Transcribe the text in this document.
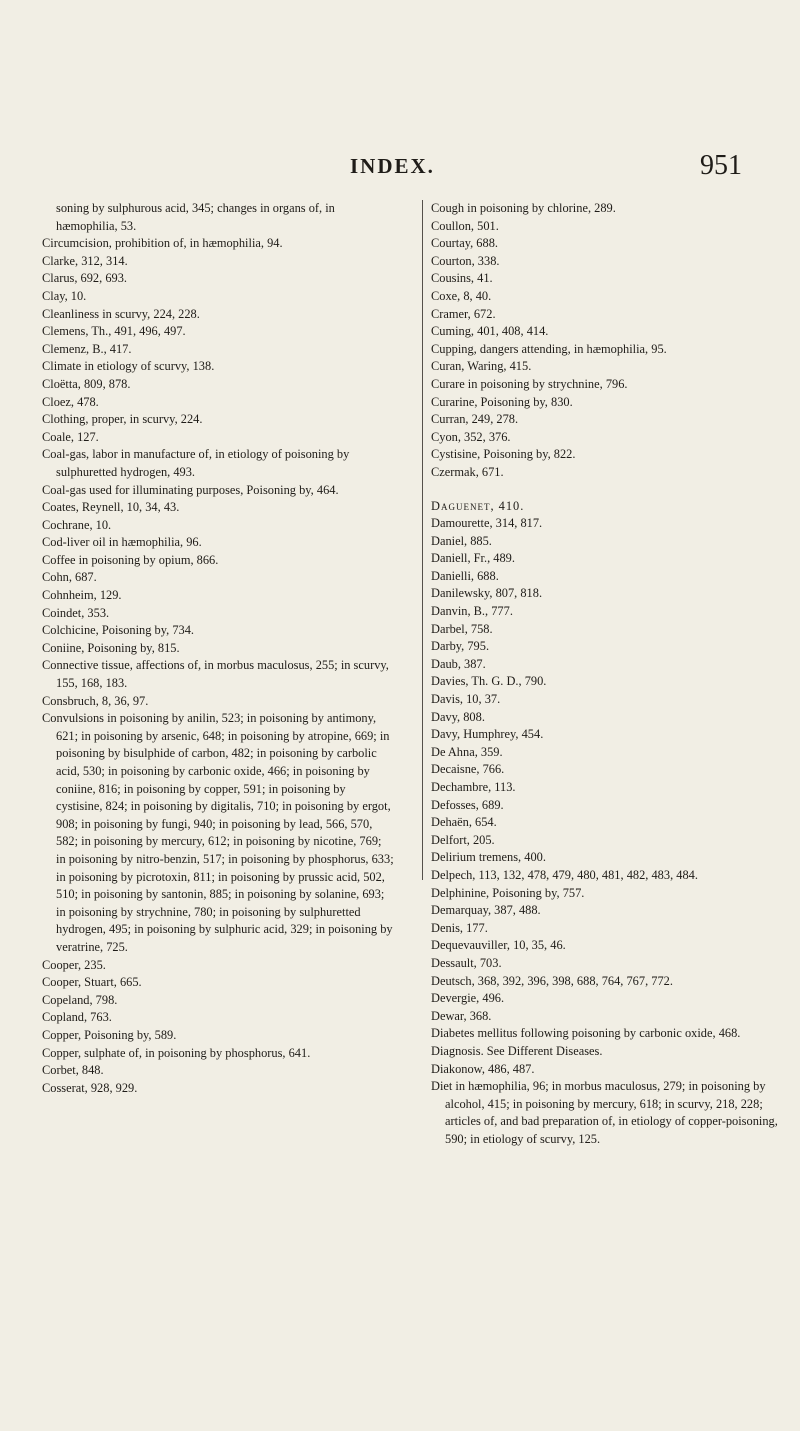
INDEX.	951

soning by sulphurous acid, 345; changes in organs of, in hæmophilia, 53.

Circumcision, prohibition of, in hæmophilia, 94.

Clarke, 312, 314.

Clarus, 692, 693.

Clay, 10.

Cleanliness in scurvy, 224, 228.

Clemens, Th., 491, 496, 497.

Clemenz, B., 417.

Climate in etiology of scurvy, 138.

Cloëtta, 809, 878.

Cloez, 478.

Clothing, proper, in scurvy, 224.

Coale, 127.

Coal-gas, labor in manufacture of, in etiology of poisoning by sulphuretted hydrogen, 493.

Coal-gas used for illuminating purposes, Poisoning by, 464.

Coates, Reynell, 10, 34, 43.

Cochrane, 10.

Cod-liver oil in hæmophilia, 96.

Coffee in poisoning by opium, 866.

Cohn, 687.

Cohnheim, 129.

Coindet, 353.

Colchicine, Poisoning by, 734.

Coniine, Poisoning by, 815.

Connective tissue, affections of, in morbus maculosus, 255; in scurvy, 155, 168, 183.

Consbruch, 8, 36, 97.

Convulsions in poisoning by anilin, 523; in poisoning by antimony, 621; in poisoning by arsenic, 648; in poisoning by atropine, 669; in poisoning by bisulphide of carbon, 482; in poisoning by carbolic acid, 530; in poisoning by carbonic oxide, 466; in poisoning by coniine, 816; in poisoning by copper, 591; in poisoning by cystisine, 824; in poisoning by digitalis, 710; in poisoning by ergot, 908; in poisoning by fungi, 940; in poisoning by lead, 566, 570, 582; in poisoning by mercury, 612; in poisoning by nicotine, 769; in poisoning by nitro-benzin, 517; in poisoning by phosphorus, 633; in poisoning by picrotoxin, 811; in poisoning by prussic acid, 502, 510; in poisoning by santonin, 885; in poisoning by solanine, 693; in poisoning by strychnine, 780; in poisoning by sulphuretted hydrogen, 495; in poisoning by sulphuric acid, 329; in poisoning by veratrine, 725.

Cooper, 235.

Cooper, Stuart, 665.

Copeland, 798.

Copland, 763.

Copper, Poisoning by, 589.

Copper, sulphate of, in poisoning by phosphorus, 641.

Corbet, 848.

Cosserat, 928, 929.

Cough in poisoning by chlorine, 289.

Coullon, 501.

Courtay, 688.

Courton, 338.

Cousins, 41.

Coxe, 8, 40.

Cramer, 672.

Cuming, 401, 408, 414.

Cupping, dangers attending, in hæmophilia, 95.

Curan, Waring, 415.

Curare in poisoning by strychnine, 796.

Curarine, Poisoning by, 830.

Curran, 249, 278.

Cyon, 352, 376.

Cystisine, Poisoning by, 822.

Czermak, 671.

Daguenet, 410.

Damourette, 314, 817.

Daniel, 885.

Daniell, Fr., 489.

Danielli, 688.

Danilewsky, 807, 818.

Danvin, B., 777.

Darbel, 758.

Darby, 795.

Daub, 387.

Davies, Th. G. D., 790.

Davis, 10, 37.

Davy, 808.

Davy, Humphrey, 454.

De Ahna, 359.

Decaisne, 766.

Dechambre, 113.

Defosses, 689.

Dehaën, 654.

Delfort, 205.

Delirium tremens, 400.

Delpech, 113, 132, 478, 479, 480, 481, 482, 483, 484.

Delphinine, Poisoning by, 757.

Demarquay, 387, 488.

Denis, 177.

Dequevauviller, 10, 35, 46.

Dessault, 703.

Deutsch, 368, 392, 396, 398, 688, 764, 767, 772.

Devergie, 496.

Dewar, 368.

Diabetes mellitus following poisoning by carbonic oxide, 468.

Diagnosis. See Different Diseases.

Diakonow, 486, 487.

Diet in hæmophilia, 96; in morbus maculosus, 279; in poisoning by alcohol, 415; in poisoning by mercury, 618; in scurvy, 218, 228; articles of, and bad preparation of, in etiology of copper-poisoning, 590; in etiology of scurvy, 125.
